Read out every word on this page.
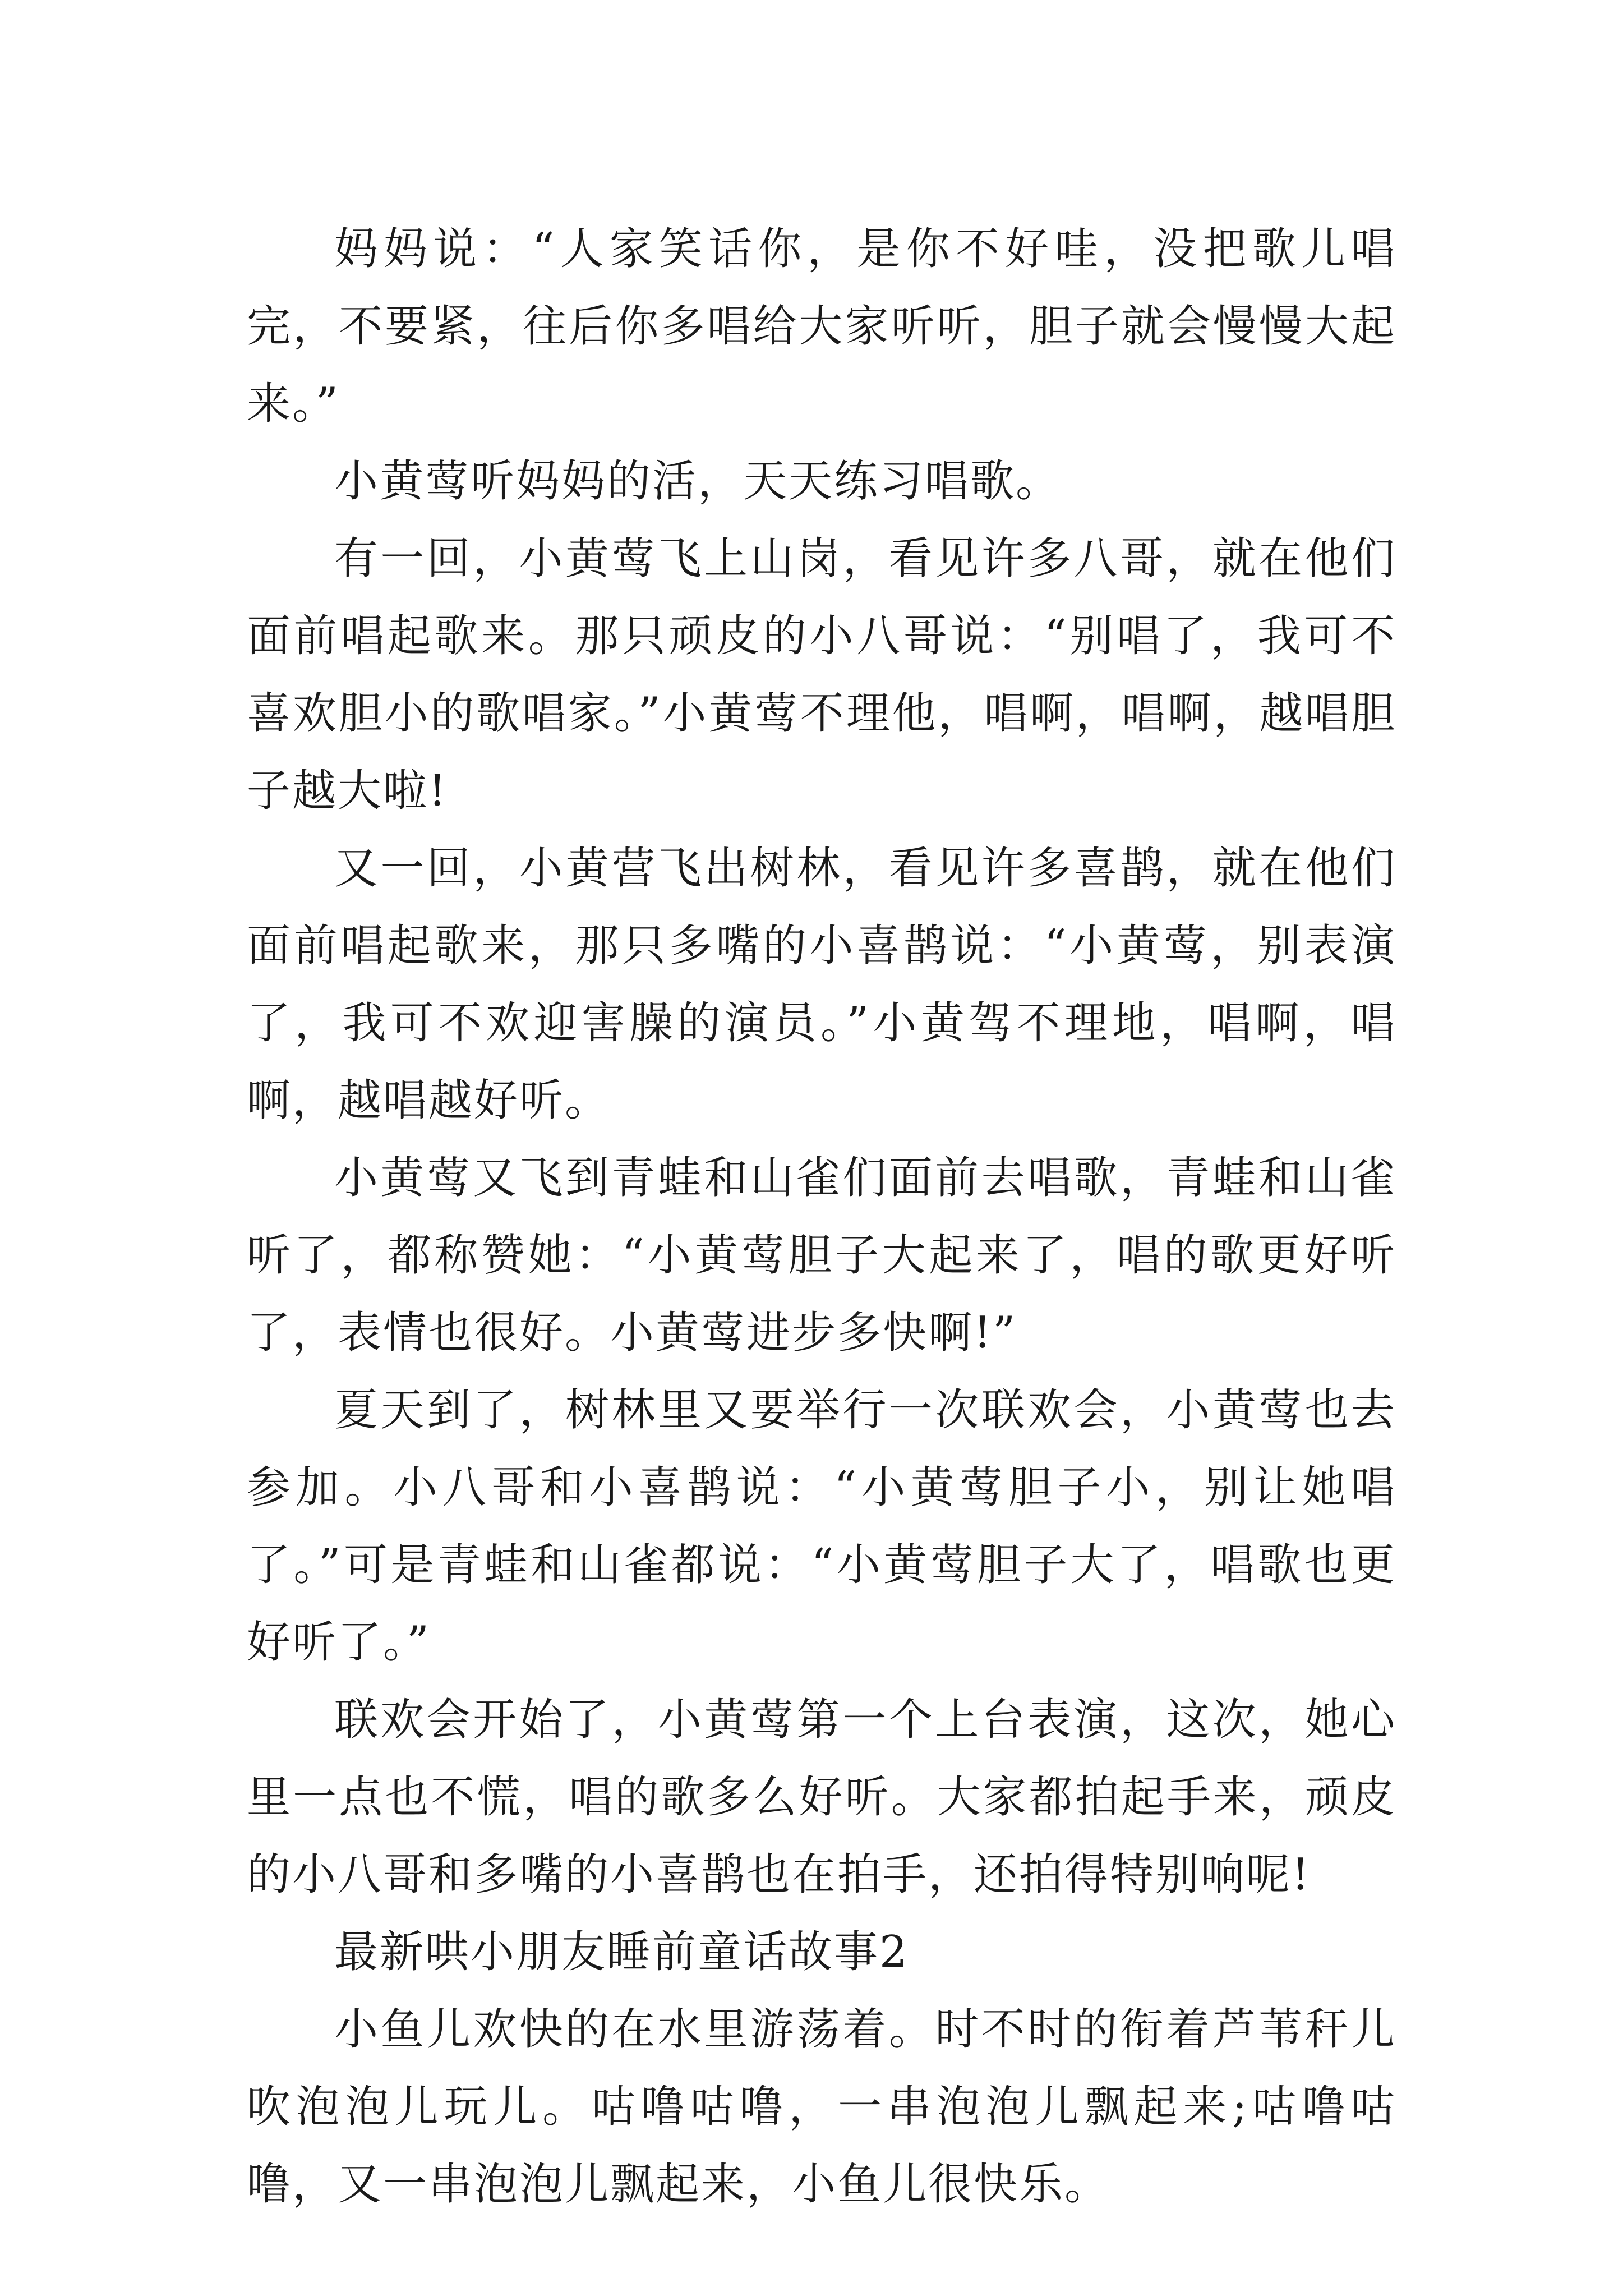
妈妈说：“人家笑话你，是你不好哇，没把歌儿唱完，不要紧，往后你多唱给大家听听，胆子就会慢慢大起来。”

小黄莺听妈妈的活，天天练习唱歌。

有一回，小黄莺飞上山岗，看见许多八哥，就在他们面前唱起歌来。那只顽皮的小八哥说：“别唱了，我可不喜欢胆小的歌唱家。”小黄莺不理他，唱啊，唱啊，越唱胆子越大啦!

又一回，小黄营飞出树林，看见许多喜鹊，就在他们面前唱起歌来，那只多嘴的小喜鹊说：“小黄莺，别表演了，我可不欢迎害臊的演员。”小黄驾不理地，唱啊，唱啊，越唱越好听。

小黄莺又飞到青蛙和山雀们面前去唱歌，青蛙和山雀听了，都称赞她：“小黄莺胆子大起来了，唱的歌更好听了，表情也很好。小黄莺进步多快啊!”

夏天到了，树林里又要举行一次联欢会，小黄莺也去参加。小八哥和小喜鹊说：“小黄莺胆子小，别让她唱了。”可是青蛙和山雀都说：“小黄莺胆子大了，唱歌也更好听了。”

联欢会开始了，小黄莺第一个上台表演，这次，她心里一点也不慌，唱的歌多么好听。大家都拍起手来，顽皮的小八哥和多嘴的小喜鹊也在拍手，还拍得特别响呢!

最新哄小朋友睡前童话故事2

小鱼儿欢快的在水里游荡着。时不时的衔着芦苇秆儿吹泡泡儿玩儿。咕噜咕噜，一串泡泡儿飘起来;咕噜咕噜，又一串泡泡儿飘起来，小鱼儿很快乐。
